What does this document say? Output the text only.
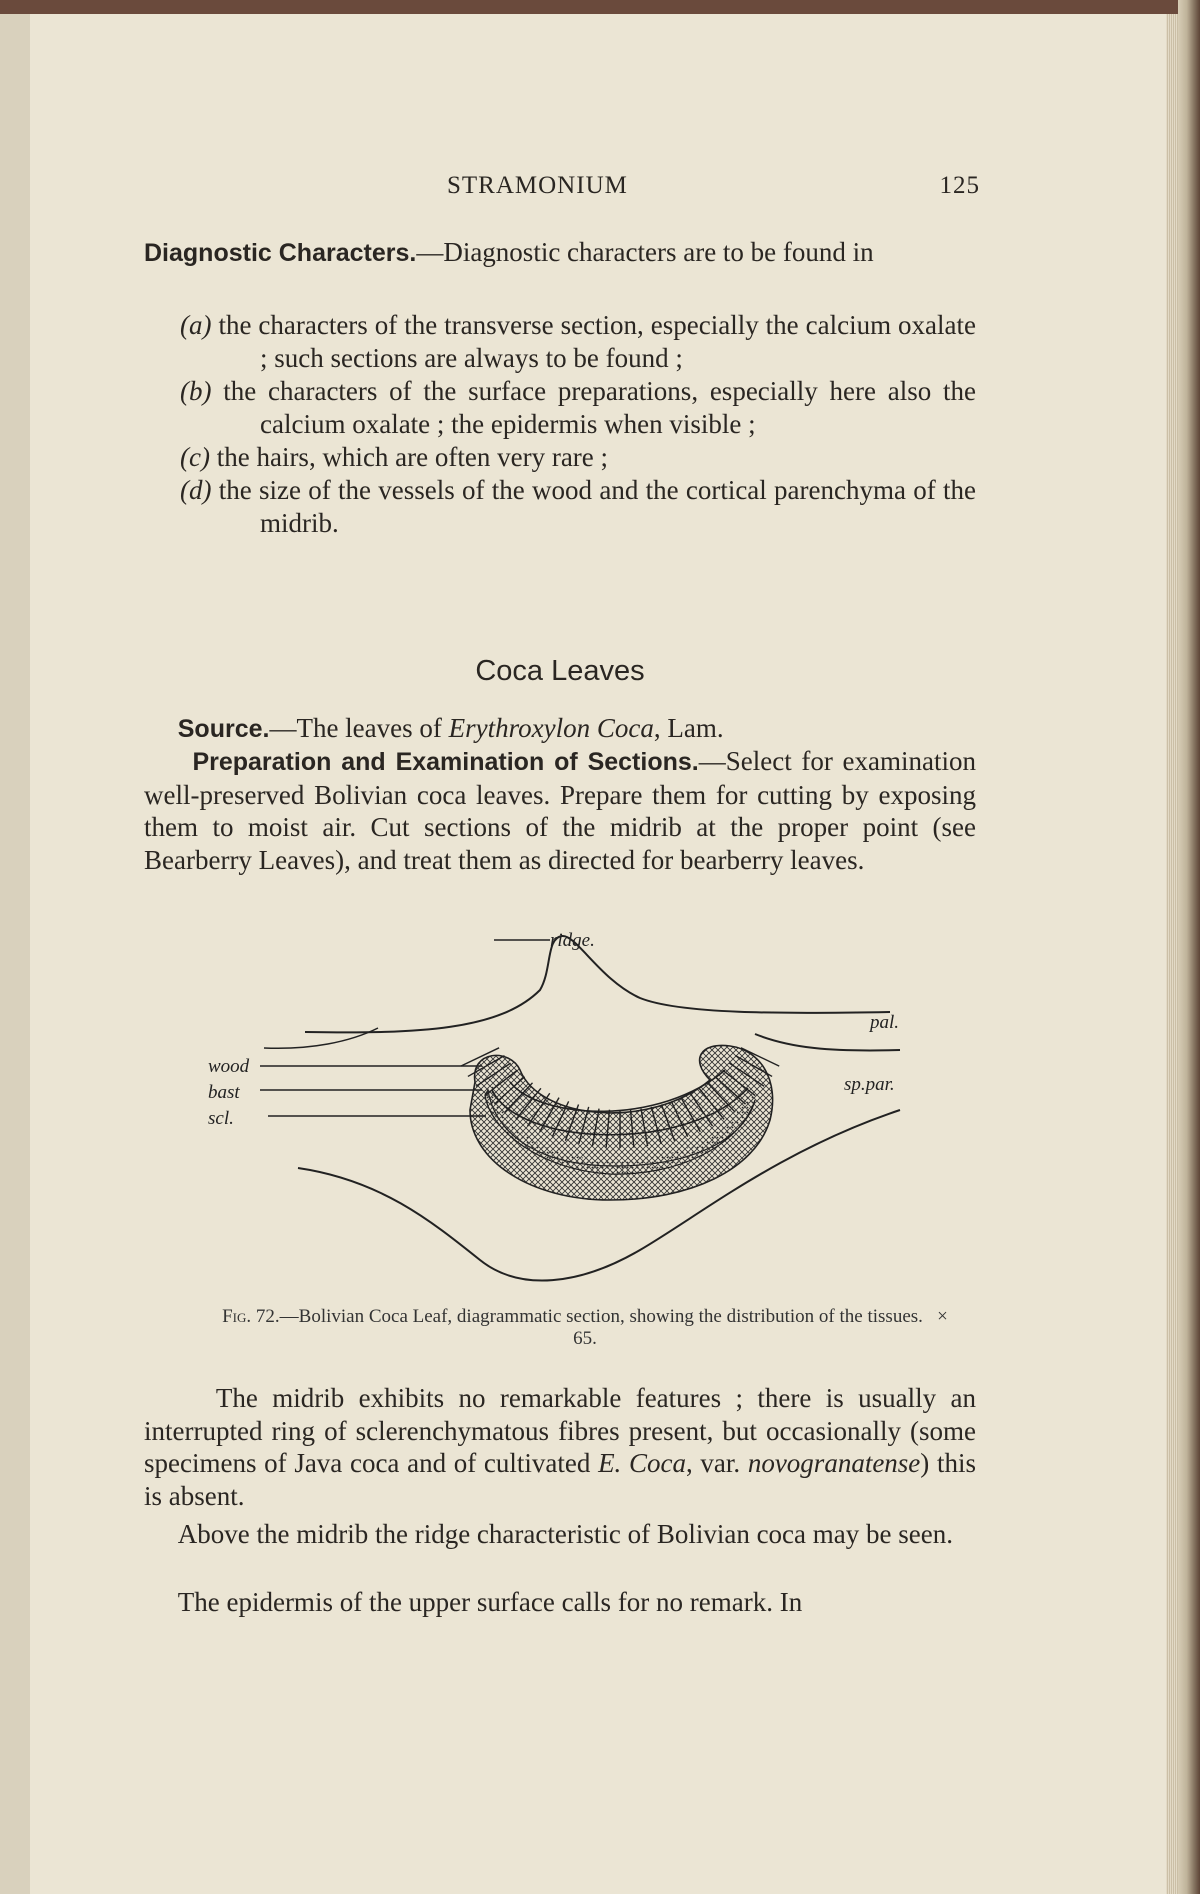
STRAMONIUM	125

Diagnostic Characters.—Diagnostic characters are to be found in

(a) the characters of the transverse section, especially the calcium oxalate ; such sections are always to be found ;
(b) the characters of the surface preparations, especially here also the calcium oxalate ; the epidermis when visible ;
(c) the hairs, which are often very rare ;
(d) the size of the vessels of the wood and the cortical parenchyma of the midrib.
Coca Leaves

Source.—The leaves of Erythroxylon Coca, Lam.

Preparation and Examination of Sections.—Select for examination well-preserved Bolivian coca leaves. Prepare them for cutting by exposing them to moist air. Cut sections of the midrib at the proper point (see Bearberry Leaves), and treat them as directed for bearberry leaves.

ridge.
pal.
sp.par.
wood
bast
scl.
Fig. 72.—Bolivian Coca Leaf, diagrammatic section, showing the distribution of the tissues. × 65.

The midrib exhibits no remarkable features ; there is usually an interrupted ring of sclerenchymatous fibres present, but occasionally (some specimens of Java coca and of cultivated E. Coca, var. novogranatense) this is absent.

Above the midrib the ridge characteristic of Bolivian coca may be seen.

The epidermis of the upper surface calls for no remark. In
